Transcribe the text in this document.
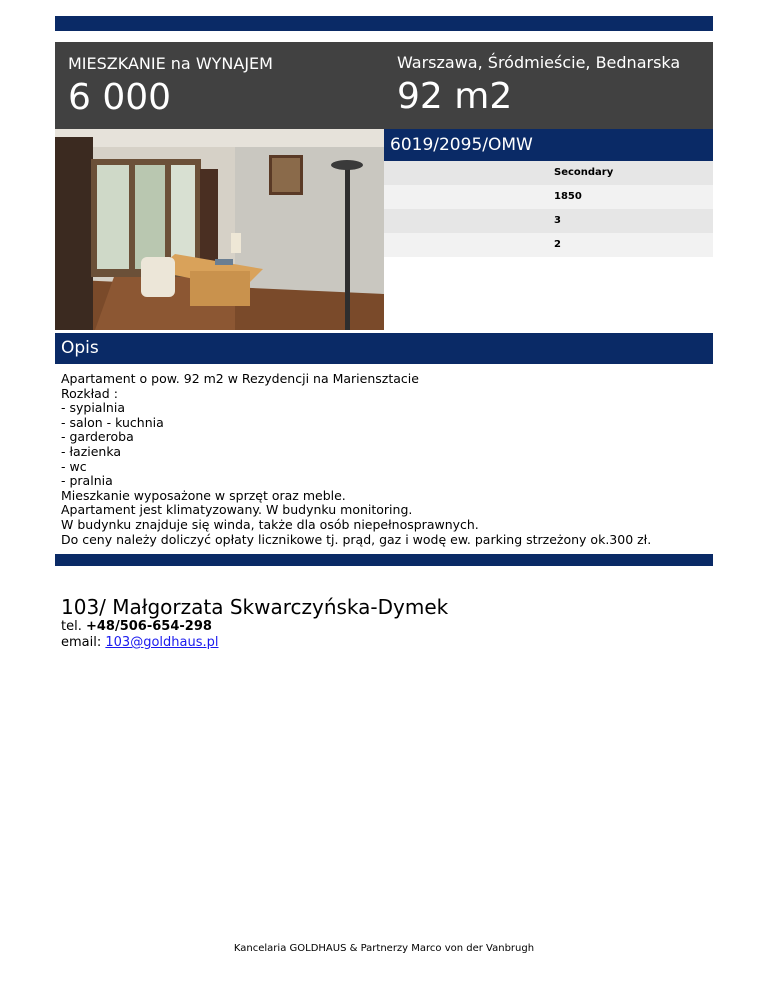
MIESZKANIE na WYNAJEM
6 000
Warszawa, Śródmieście, Bednarska
92 m2
6019/2095/OMW
Secondary
1850
3
2
Opis
Apartament o pow. 92 m2 w Rezydencji na Mariensztacie
Rozkład :
- sypialnia
- salon - kuchnia
- garderoba
- łazienka
- wc
- pralnia
Mieszkanie wyposażone w sprzęt oraz meble.
Apartament jest klimatyzowany. W budynku monitoring.
W budynku znajduje się winda, także dla osób niepełnosprawnych.
Do ceny należy doliczyć opłaty licznikowe tj. prąd, gaz i wodę ew. parking strzeżony ok.300 zł.
103/ Małgorzata Skwarczyńska-Dymek
tel. +48/506-654-298
email: 103@goldhaus.pl
Kancelaria GOLDHAUS & Partnerzy Marco von der Vanbrugh
